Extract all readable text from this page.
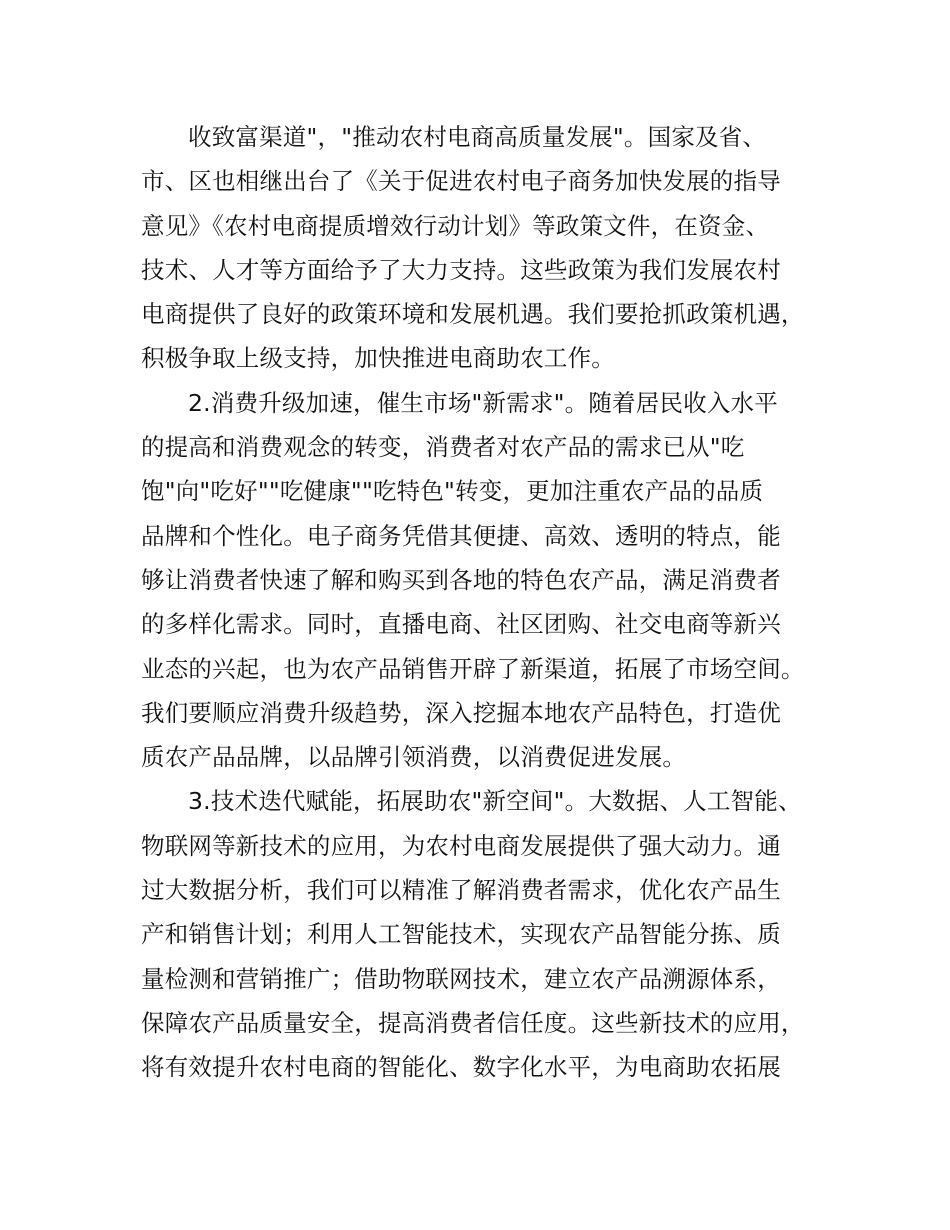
收致富渠道"，"推动农村电商高质量发展"。国家及省、
市、区也相继出台了《关于促进农村电子商务加快发展的指导
意见》《农村电商提质增效行动计划》等政策文件，在资金、
技术、人才等方面给予了大力支持。这些政策为我们发展农村
电商提供了良好的政策环境和发展机遇。我们要抢抓政策机遇，
积极争取上级支持，加快推进电商助农工作。
2.消费升级加速，催生市场"新需求"。随着居民收入水平
的提高和消费观念的转变，消费者对农产品的需求已从"吃
饱"向"吃好""吃健康""吃特色"转变，更加注重农产品的品质
品牌和个性化。电子商务凭借其便捷、高效、透明的特点，能
够让消费者快速了解和购买到各地的特色农产品，满足消费者
的多样化需求。同时，直播电商、社区团购、社交电商等新兴
业态的兴起，也为农产品销售开辟了新渠道，拓展了市场空间。
我们要顺应消费升级趋势，深入挖掘本地农产品特色，打造优
质农产品品牌，以品牌引领消费，以消费促进发展。
3.技术迭代赋能，拓展助农"新空间"。大数据、人工智能、
物联网等新技术的应用，为农村电商发展提供了强大动力。通
过大数据分析，我们可以精准了解消费者需求，优化农产品生
产和销售计划；利用人工智能技术，实现农产品智能分拣、质
量检测和营销推广；借助物联网技术，建立农产品溯源体系，
保障农产品质量安全，提高消费者信任度。这些新技术的应用，
将有效提升农村电商的智能化、数字化水平，为电商助农拓展
